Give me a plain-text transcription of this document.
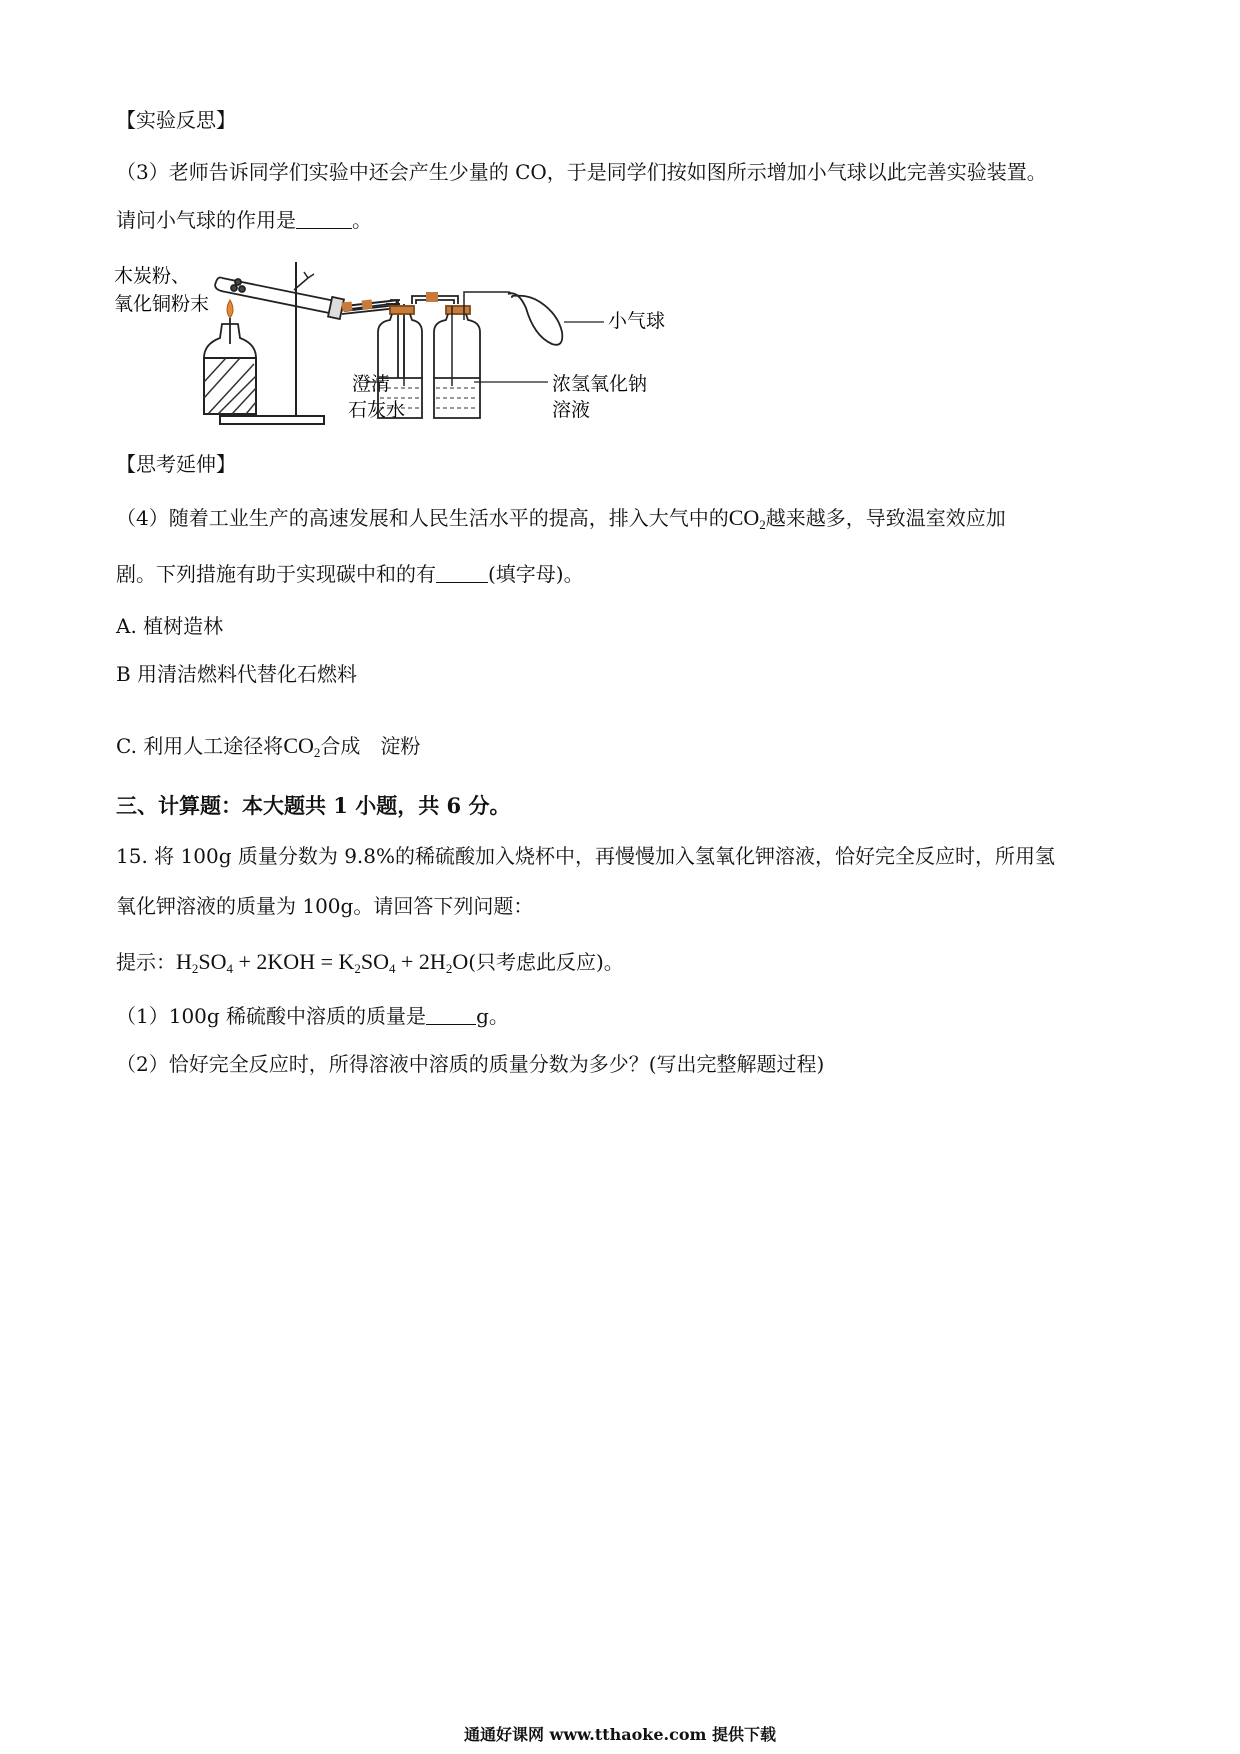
【实验反思】
（3）老师告诉同学们实验中还会产生少量的 CO，于是同学们按如图所示增加小气球以此完善实验装置。
请问小气球的作用是	。
木炭粉、
氧化铜粉末
小气球
澄清
石灰水
浓氢氧化钠
溶液
【思考延伸】
（4）随着工业生产的高速发展和人民生活水平的提高，排入大气中的$CO_2$越来越多，导致温室效应加
剧。下列措施有助于实现碳中和的有	(填字母)。
A. 植树造林
B 用清洁燃料代替化石燃料
C. 利用人工途径将$CO_2$合成　淀粉
三、计算题：本大题共 1 小题，共 6 分。
15. 将 100g 质量分数为 9.8%的稀硫酸加入烧杯中，再慢慢加入氢氧化钾溶液，恰好完全反应时，所用氢
氧化钾溶液的质量为 100g。请回答下列问题：
提示：$H_2SO_4 + 2KOH = K_2SO_4 + 2H_2O$(只考虑此反应)。
（1）100g 稀硫酸中溶质的质量是	g。
（2）恰好完全反应时，所得溶液中溶质的质量分数为多少？(写出完整解题过程)
通通好课网 www.tthaoke.com 提供下载
